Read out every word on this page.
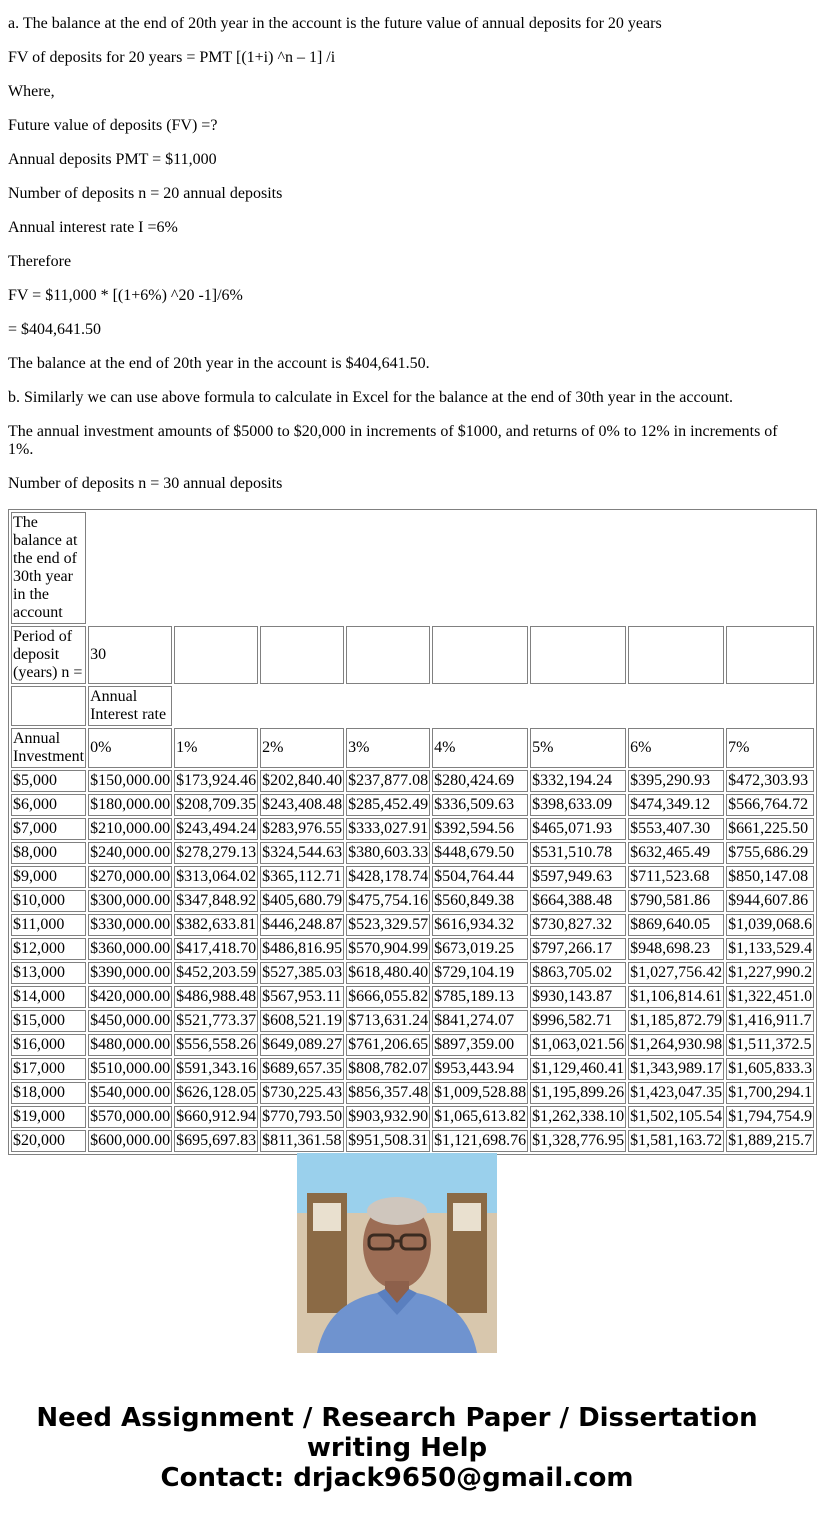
a. The balance at the end of 20th year in the account is the future value of annual deposits for 20 years

FV of deposits for 20 years = PMT [(1+i) ^n – 1] /i

Where,

Future value of deposits (FV) =?

Annual deposits PMT = $11,000

Number of deposits n = 20 annual deposits

Annual interest rate I =6%

Therefore

FV = $11,000 * [(1+6%) ^20 -1]/6%

= $404,641.50

The balance at the end of 20th year in the account is $404,641.50.

b. Similarly we can use above formula to calculate in Excel for the balance at the end of 30th year in the account.

The annual investment amounts of $5000 to $20,000 in increments of $1000, and returns of 0% to 12% in increments of 1%.

Number of deposits n = 30 annual deposits

The balance at the end of 30th year in the account								
Period of deposit (years) n =	30							
	Annual Interest rate							
Annual Investment	0%	1%	2%	3%	4%	5%	6%	7%
$5,000	$150,000.00	$173,924.46	$202,840.40	$237,877.08	$280,424.69	$332,194.24	$395,290.93	$472,303.93
$6,000	$180,000.00	$208,709.35	$243,408.48	$285,452.49	$336,509.63	$398,633.09	$474,349.12	$566,764.72
$7,000	$210,000.00	$243,494.24	$283,976.55	$333,027.91	$392,594.56	$465,071.93	$553,407.30	$661,225.50
$8,000	$240,000.00	$278,279.13	$324,544.63	$380,603.33	$448,679.50	$531,510.78	$632,465.49	$755,686.29
$9,000	$270,000.00	$313,064.02	$365,112.71	$428,178.74	$504,764.44	$597,949.63	$711,523.68	$850,147.08
$10,000	$300,000.00	$347,848.92	$405,680.79	$475,754.16	$560,849.38	$664,388.48	$790,581.86	$944,607.86
$11,000	$330,000.00	$382,633.81	$446,248.87	$523,329.57	$616,934.32	$730,827.32	$869,640.05	$1,039,068.6
$12,000	$360,000.00	$417,418.70	$486,816.95	$570,904.99	$673,019.25	$797,266.17	$948,698.23	$1,133,529.4
$13,000	$390,000.00	$452,203.59	$527,385.03	$618,480.40	$729,104.19	$863,705.02	$1,027,756.42	$1,227,990.2
$14,000	$420,000.00	$486,988.48	$567,953.11	$666,055.82	$785,189.13	$930,143.87	$1,106,814.61	$1,322,451.0
$15,000	$450,000.00	$521,773.37	$608,521.19	$713,631.24	$841,274.07	$996,582.71	$1,185,872.79	$1,416,911.7
$16,000	$480,000.00	$556,558.26	$649,089.27	$761,206.65	$897,359.00	$1,063,021.56	$1,264,930.98	$1,511,372.5
$17,000	$510,000.00	$591,343.16	$689,657.35	$808,782.07	$953,443.94	$1,129,460.41	$1,343,989.17	$1,605,833.3
$18,000	$540,000.00	$626,128.05	$730,225.43	$856,357.48	$1,009,528.88	$1,195,899.26	$1,423,047.35	$1,700,294.1
$19,000	$570,000.00	$660,912.94	$770,793.50	$903,932.90	$1,065,613.82	$1,262,338.10	$1,502,105.54	$1,794,754.9
$20,000	$600,000.00	$695,697.83	$811,361.58	$951,508.31	$1,121,698.76	$1,328,776.95	$1,581,163.72	$1,889,215.7
Need Assignment / Research Paper / Dissertation
writing Help
Contact: drjack9650@gmail.com
